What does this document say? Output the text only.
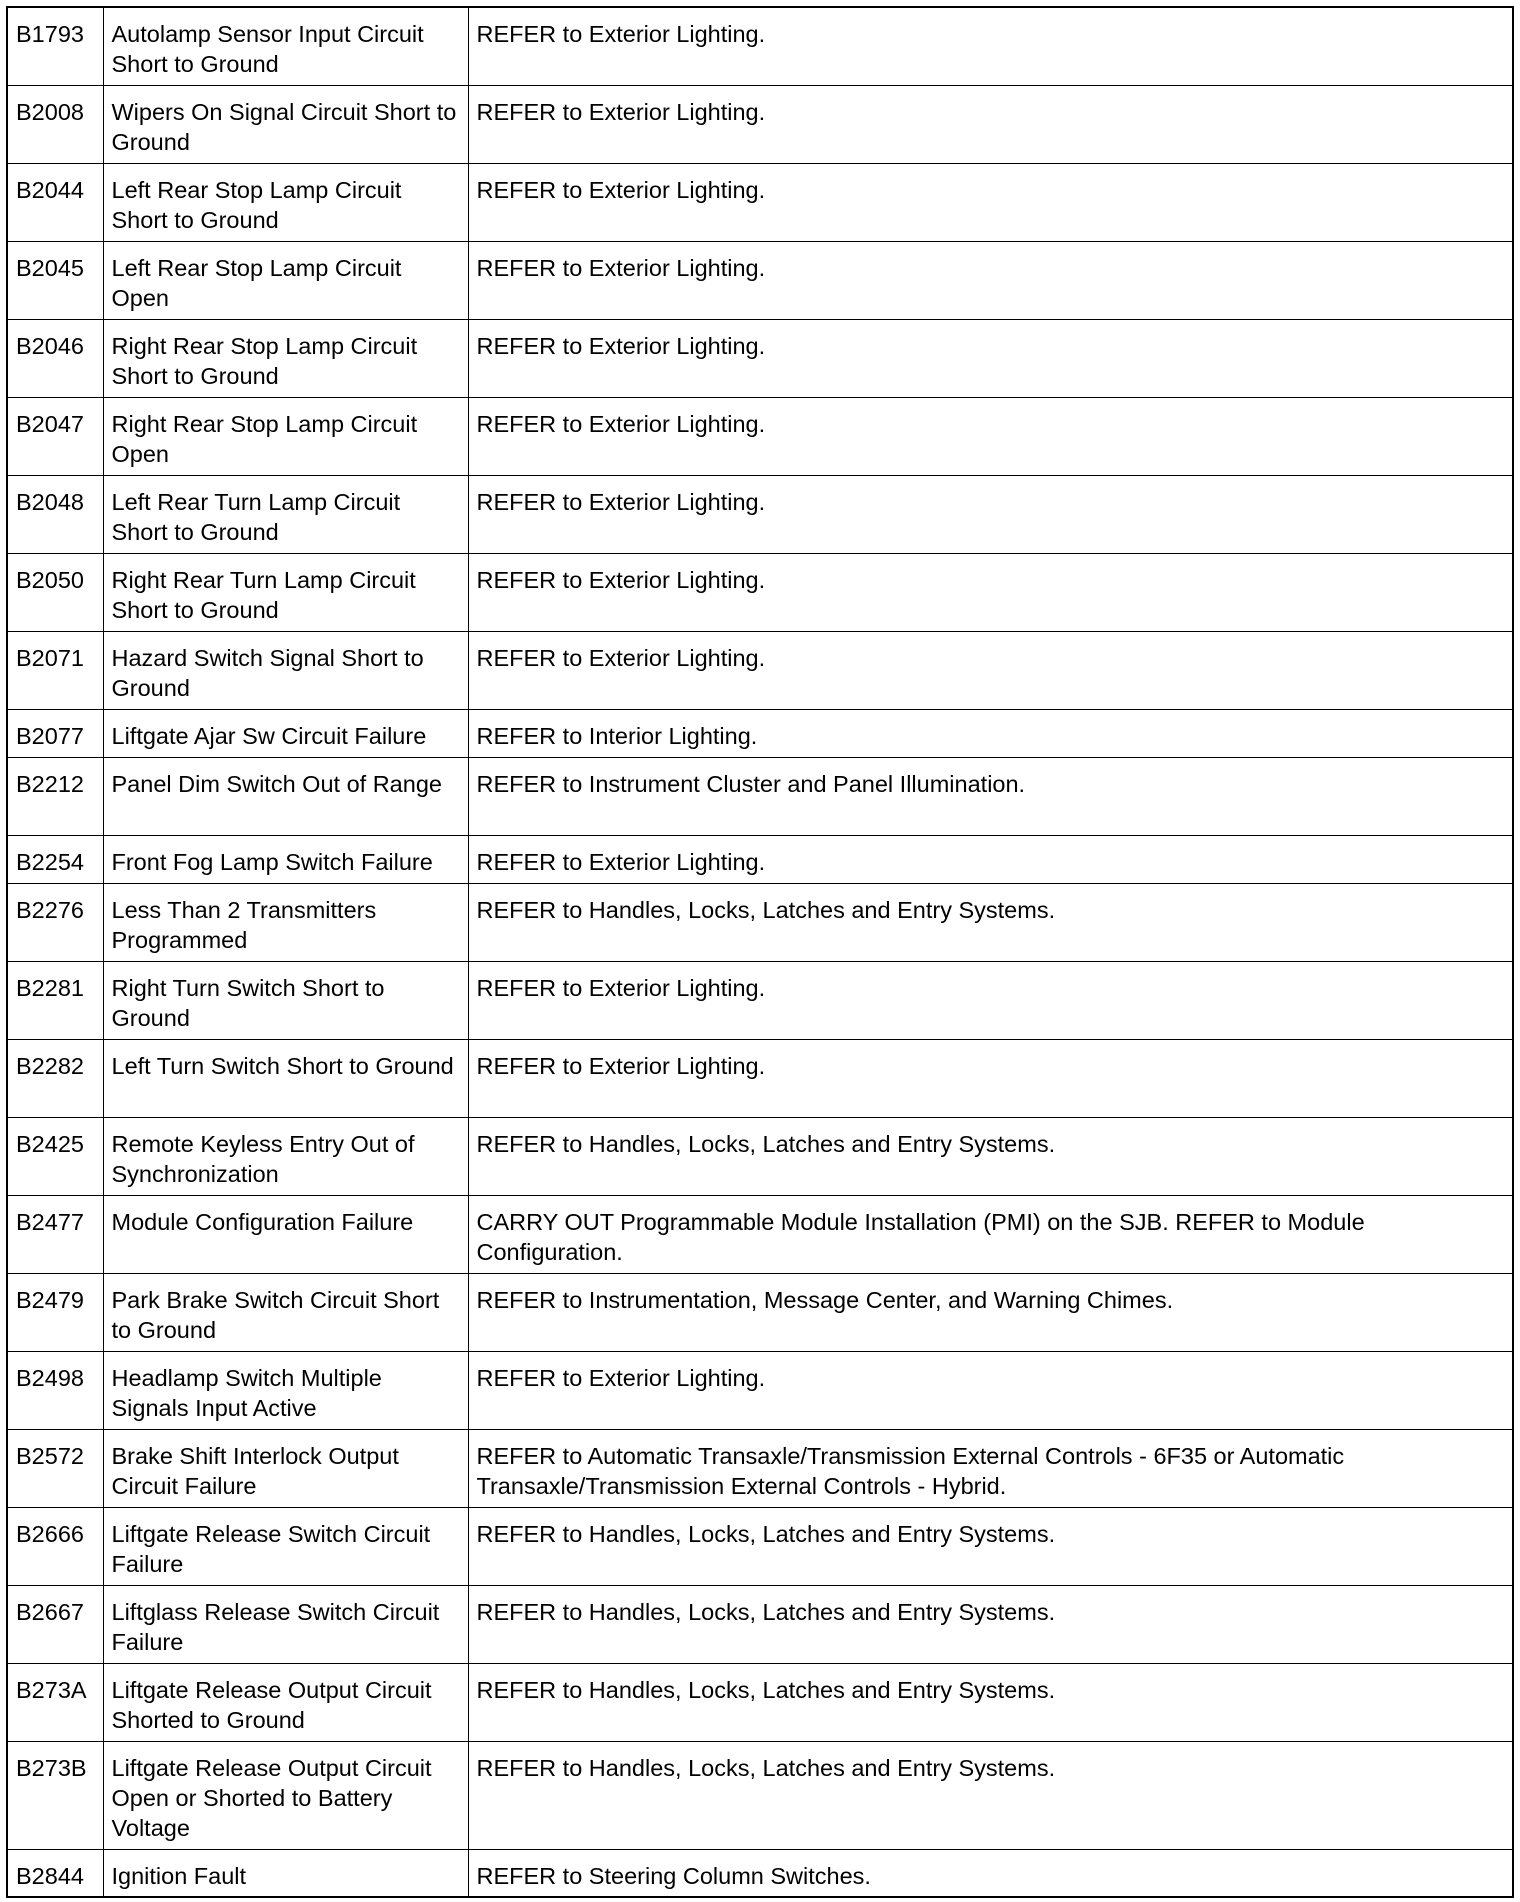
B1793	Autolamp Sensor Input Circuit Short to Ground	REFER to Exterior Lighting.
B2008	Wipers On Signal Circuit Short to Ground	REFER to Exterior Lighting.
B2044	Left Rear Stop Lamp Circuit Short to Ground	REFER to Exterior Lighting.
B2045	Left Rear Stop Lamp Circuit Open	REFER to Exterior Lighting.
B2046	Right Rear Stop Lamp Circuit Short to Ground	REFER to Exterior Lighting.
B2047	Right Rear Stop Lamp Circuit Open	REFER to Exterior Lighting.
B2048	Left Rear Turn Lamp Circuit Short to Ground	REFER to Exterior Lighting.
B2050	Right Rear Turn Lamp Circuit Short to Ground	REFER to Exterior Lighting.
B2071	Hazard Switch Signal Short to Ground	REFER to Exterior Lighting.
B2077	Liftgate Ajar Sw Circuit Failure	REFER to Interior Lighting.
B2212	Panel Dim Switch Out of Range	REFER to Instrument Cluster and Panel Illumination.
B2254	Front Fog Lamp Switch Failure	REFER to Exterior Lighting.
B2276	Less Than 2 Transmitters Programmed	REFER to Handles, Locks, Latches and Entry Systems.
B2281	Right Turn Switch Short to Ground	REFER to Exterior Lighting.
B2282	Left Turn Switch Short to Ground	REFER to Exterior Lighting.
B2425	Remote Keyless Entry Out of Synchronization	REFER to Handles, Locks, Latches and Entry Systems.
B2477	Module Configuration Failure	CARRY OUT Programmable Module Installation (PMI) on the SJB. REFER to Module Configuration.
B2479	Park Brake Switch Circuit Short to Ground	REFER to Instrumentation, Message Center, and Warning Chimes.
B2498	Headlamp Switch Multiple Signals Input Active	REFER to Exterior Lighting.
B2572	Brake Shift Interlock Output Circuit Failure	REFER to Automatic Transaxle/Transmission External Controls - 6F35 or Automatic Transaxle/Transmission External Controls - Hybrid.
B2666	Liftgate Release Switch Circuit Failure	REFER to Handles, Locks, Latches and Entry Systems.
B2667	Liftglass Release Switch Circuit Failure	REFER to Handles, Locks, Latches and Entry Systems.
B273A	Liftgate Release Output Circuit Shorted to Ground	REFER to Handles, Locks, Latches and Entry Systems.
B273B	Liftgate Release Output Circuit Open or Shorted to Battery Voltage	REFER to Handles, Locks, Latches and Entry Systems.
B2844	Ignition Fault	REFER to Steering Column Switches.
